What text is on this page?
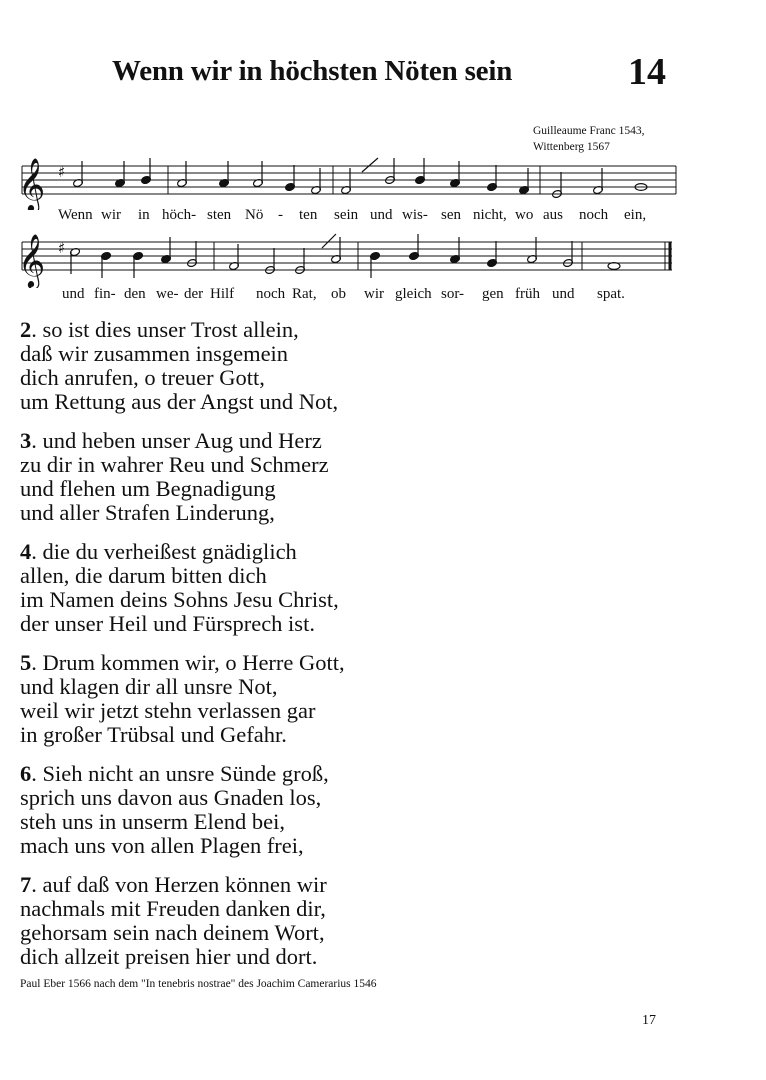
Wenn wir in höchsten Nöten sein	14
Guilleaume Franc 1543,
Wittenberg 1567
𝄞 ♯
Wenn wir in höch- sten Nö - ten sein und wis- sen nicht, wo aus noch ein,
𝄞 ♯
und fin- den we- der Hilf noch Rat, ob wir gleich sor- gen früh und spat.
2. so ist dies unser Trost allein,
daß wir zusammen insgemein
dich anrufen, o treuer Gott,
um Rettung aus der Angst und Not,
3. und heben unser Aug und Herz
zu dir in wahrer Reu und Schmerz
und flehen um Begnadigung
und aller Strafen Linderung,
4. die du verheißest gnädiglich
allen, die darum bitten dich
im Namen deins Sohns Jesu Christ,
der unser Heil und Fürsprech ist.
5. Drum kommen wir, o Herre Gott,
und klagen dir all unsre Not,
weil wir jetzt stehn verlassen gar
in großer Trübsal und Gefahr.
6. Sieh nicht an unsre Sünde groß,
sprich uns davon aus Gnaden los,
steh uns in unserm Elend bei,
mach uns von allen Plagen frei,
7. auf daß von Herzen können wir
nachmals mit Freuden danken dir,
gehorsam sein nach deinem Wort,
dich allzeit preisen hier und dort.
Paul Eber 1566 nach dem "In tenebris nostrae" des Joachim Camerarius 1546
17
